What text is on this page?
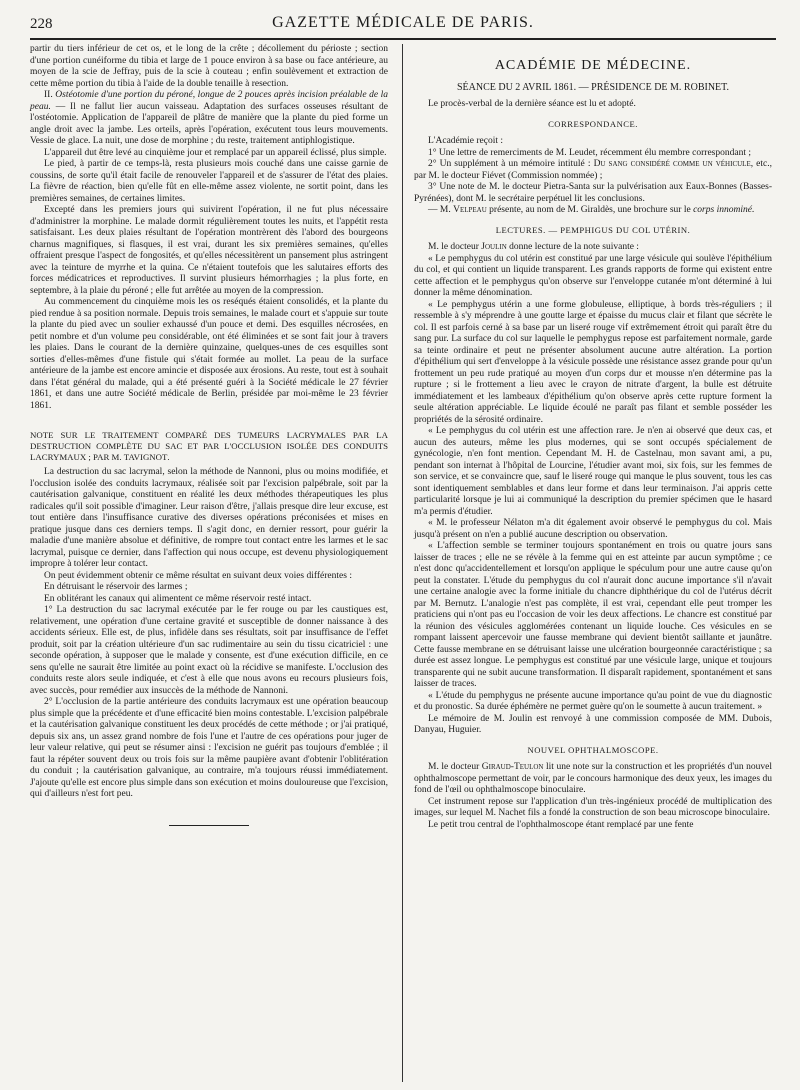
228	GAZETTE MÉDICALE DE PARIS.

partir du tiers inférieur de cet os, et le long de la crête ; décollement du périoste ; section d'une portion cunéiforme du tibia et large de 1 pouce environ à sa base ou face antérieure, au moyen de la scie de Jeffray, puis de la scie à couteau ; enfin soulèvement et extraction de cette même portion du tibia à l'aide de la double tenaille à resection.

II. Ostéotomie d'une portion du péroné, longue de 2 pouces après incision préalable de la peau. — Il ne fallut lier aucun vaisseau. Adaptation des surfaces osseuses résultant de l'ostéotomie. Application de l'appareil de plâtre de manière que la plante du pied forme un angle droit avec la jambe. Les orteils, après l'opération, exécutent tous leurs mouvements. Vessie de glace. La nuit, une dose de morphine ; du reste, traitement antiphlogistique.

L'appareil dut être levé au cinquième jour et remplacé par un appareil éclissé, plus simple.

Le pied, à partir de ce temps-là, resta plusieurs mois couché dans une caisse garnie de coussins, de sorte qu'il était facile de renouveler l'appareil et de s'assurer de l'état des plaies. La fièvre de réaction, bien qu'elle fût en elle-même assez violente, ne sortit point, dans les premières semaines, de certaines limites.

Excepté dans les premiers jours qui suivirent l'opération, il ne fut plus nécessaire d'administrer la morphine. Le malade dormit régulièrement toutes les nuits, et l'appétit resta satisfaisant. Les deux plaies résultant de l'opération montrèrent dès l'abord des bourgeons charnus magnifiques, si flasques, il est vrai, durant les six premières semaines, qu'elles offraient presque l'aspect de fongosités, et qu'elles nécessitèrent un pansement plus astringent avec la teinture de myrrhe et la quina. Ce n'étaient toutefois que les salutaires efforts des forces médicatrices et reproductives. Il survint plusieurs hémorrhagies ; la plus forte, en septembre, à la plaie du péroné ; elle fut arrêtée au moyen de la compression.

Au commencement du cinquième mois les os reséqués étaient consolidés, et la plante du pied rendue à sa position normale. Depuis trois semaines, le malade court et s'appuie sur toute la plante du pied avec un soulier exhaussé d'un pouce et demi. Des esquilles nécrosées, en petit nombre et d'un volume peu considérable, ont été éliminées et se sont fait jour à travers les plaies. Dans le courant de la dernière quinzaine, quelques-unes de ces esquilles sont sorties d'elles-mêmes d'une fistule qui s'était formée au mollet. La peau de la surface antérieure de la jambe est encore amincie et disposée aux érosions. Au reste, tout est à souhait dans l'état général du malade, qui a été présenté guéri à la Société médicale le 27 février 1861, et dans une autre Société médicale de Berlin, présidée par moi-même le 23 février 1861.

NOTE SUR LE TRAITEMENT COMPARÉ DES TUMEURS LACRYMALES PAR LA DESTRUCTION COMPLÈTE DU SAC ET PAR L'OCCLUSION ISOLÉE DES CONDUITS LACRYMAUX ; PAR M. TAVIGNOT.

La destruction du sac lacrymal, selon la méthode de Nannoni, plus ou moins modifiée, et l'occlusion isolée des conduits lacrymaux, réalisée soit par l'excision palpébrale, soit par la cautérisation galvanique, constituent en réalité les deux méthodes thérapeutiques les plus radicales qu'il soit possible d'imaginer. Leur raison d'être, j'allais presque dire leur excuse, est tout entière dans l'insuffisance curative des diverses opérations préconisées et mises en pratique jusque dans ces derniers temps. Il s'agit donc, en dernier ressort, pour guérir la maladie d'une manière absolue et définitive, de rompre tout contact entre les larmes et le sac lacrymal, puisque ce dernier, dans l'affection qui nous occupe, est devenu physiologiquement impropre à tolérer leur contact.

On peut évidemment obtenir ce même résultat en suivant deux voies différentes :

En détruisant le réservoir des larmes ;

En oblitérant les canaux qui alimentent ce même réservoir resté intact.

1° La destruction du sac lacrymal exécutée par le fer rouge ou par les caustiques est, relativement, une opération d'une certaine gravité et susceptible de donner naissance à des accidents sérieux. Elle est, de plus, infidèle dans ses résultats, soit par insuffisance de l'effet produit, soit par la création ultérieure d'un sac rudimentaire au sein du tissu cicatriciel : une seconde opération, à supposer que le malade y consente, est d'une exécution difficile, en ce sens qu'elle ne saurait être limitée au point exact où la récidive se manifeste. L'occlusion des conduits reste alors seule indiquée, et c'est à elle que nous avons eu recours plusieurs fois, avec succès, pour remédier aux insuccès de la méthode de Nannoni.

2° L'occlusion de la partie antérieure des conduits lacrymaux est une opération beaucoup plus simple que la précédente et d'une efficacité bien moins contestable. L'excision palpébrale et la cautérisation galvanique constituent les deux procédés de cette méthode ; or j'ai pratiqué, depuis six ans, un assez grand nombre de fois l'une et l'autre de ces opérations pour juger de leur valeur relative, qui peut se résumer ainsi : l'excision ne guérit pas toujours d'emblée ; il faut la répéter souvent deux ou trois fois sur la même paupière avant d'obtenir l'oblitération du conduit ; la cautérisation galvanique, au contraire, m'a toujours réussi immédiatement. J'ajoute qu'elle est encore plus simple dans son exécution et moins douloureuse que l'excision, qui d'ailleurs n'est fort peu.

ACADÉMIE DE MÉDECINE.

SÉANCE DU 2 AVRIL 1861. — PRÉSIDENCE DE M. ROBINET.

Le procès-verbal de la dernière séance est lu et adopté.

CORRESPONDANCE.

L'Académie reçoit :

1° Une lettre de remerciments de M. Leudet, récemment élu membre correspondant ;

2° Un supplément à un mémoire intitulé : Du sang considéré comme un véhicule, etc., par M. le docteur Fiévet (Commission nommée) ;

3° Une note de M. le docteur Pietra-Santa sur la pulvérisation aux Eaux-Bonnes (Basses-Pyrénées), dont M. le secrétaire perpétuel lit les conclusions.

— M. Velpeau présente, au nom de M. Giraldès, une brochure sur le corps innominé.

LECTURES. — PEMPHIGUS DU COL UTÉRIN.

M. le docteur Joulin donne lecture de la note suivante :

« Le pemphygus du col utérin est constitué par une large vésicule qui soulève l'épithélium du col, et qui contient un liquide transparent. Les grands rapports de forme qui existent entre cette affection et le pemphygus qu'on observe sur l'enveloppe cutanée m'ont déterminé à lui donner la même dénomination.

« Le pemphygus utérin a une forme globuleuse, elliptique, à bords très-réguliers ; il ressemble à s'y méprendre à une goutte large et épaisse du mucus clair et filant que sécrète le col. Il est parfois cerné à sa base par un liseré rouge vif extrêmement étroit qui paraît être du sang pur. La surface du col sur laquelle le pemphygus repose est parfaitement normale, garde sa teinte ordinaire et peut ne présenter absolument aucune autre altération. La portion d'épithélium qui sert d'enveloppe à la vésicule possède une résistance assez grande pour qu'un frottement un peu rude pratiqué au moyen d'un corps dur et mousse n'en détermine pas la rupture ; si le frottement a lieu avec le crayon de nitrate d'argent, la bulle est détruite immédiatement et les lambeaux d'épithélium qu'on observe après cette rupture forment la seule altération appréciable. Le liquide écoulé ne paraît pas filant et semble posséder les propriétés de la sérosité ordinaire.

« Le pemphygus du col utérin est une affection rare. Je n'en ai observé que deux cas, et aucun des auteurs, même les plus modernes, qui se sont occupés spécialement de gynécologie, n'en font mention. Cependant M. H. de Castelnau, mon savant ami, a pu, pendant son internat à l'hôpital de Lourcine, l'étudier avant moi, six fois, sur les femmes de son service, et se convaincre que, sauf le liseré rouge qui manque le plus souvent, tous les cas sont identiquement semblables et dans leur forme et dans leur terminaison. J'ai appris cette particularité lorsque je lui ai communiqué la description du premier spécimen que le hasard m'a permis d'étudier.

« M. le professeur Nélaton m'a dit également avoir observé le pemphygus du col. Mais jusqu'à présent on n'en a publié aucune description ou observation.

« L'affection semble se terminer toujours spontanément en trois ou quatre jours sans laisser de traces ; elle ne se révèle à la femme qui en est atteinte par aucun symptôme ; ce n'est donc qu'accidentellement et lorsqu'on applique le spéculum pour une autre cause qu'on peut la constater. L'étude du pemphygus du col n'aurait donc aucune importance s'il n'avait une certaine analogie avec la forme initiale du chancre diphthérique du col de l'utérus décrit par M. Bernutz. L'analogie n'est pas complète, il est vrai, cependant elle peut tromper les praticiens qui n'ont pas eu l'occasion de voir les deux affections. Le chancre est constitué par la réunion des vésicules agglomérées contenant un liquide louche. Ces vésicules en se rompant laissent apercevoir une fausse membrane qui devient bientôt saillante et jaunâtre. Cette fausse membrane en se détruisant laisse une ulcération bourgeonnée caractéristique ; sa durée est assez longue. Le pemphygus est constitué par une vésicule large, unique et toujours transparente qui ne subit aucune transformation. Il disparaît rapidement, spontanément et sans laisser de traces.

« L'étude du pemphygus ne présente aucune importance qu'au point de vue du diagnostic et du pronostic. Sa durée éphémère ne permet guère qu'on le soumette à aucun traitement. »

Le mémoire de M. Joulin est renvoyé à une commission composée de MM. Dubois, Danyau, Huguier.

NOUVEL OPHTHALMOSCOPE.

M. le docteur Giraud-Teulon lit une note sur la construction et les propriétés d'un nouvel ophthalmoscope permettant de voir, par le concours harmonique des deux yeux, les images du fond de l'œil ou ophthalmoscope binoculaire.

Cet instrument repose sur l'application d'un très-ingénieux procédé de multiplication des images, sur lequel M. Nachet fils a fondé la construction de son beau microscope binoculaire.

Le petit trou central de l'ophthalmoscope étant remplacé par une fente
